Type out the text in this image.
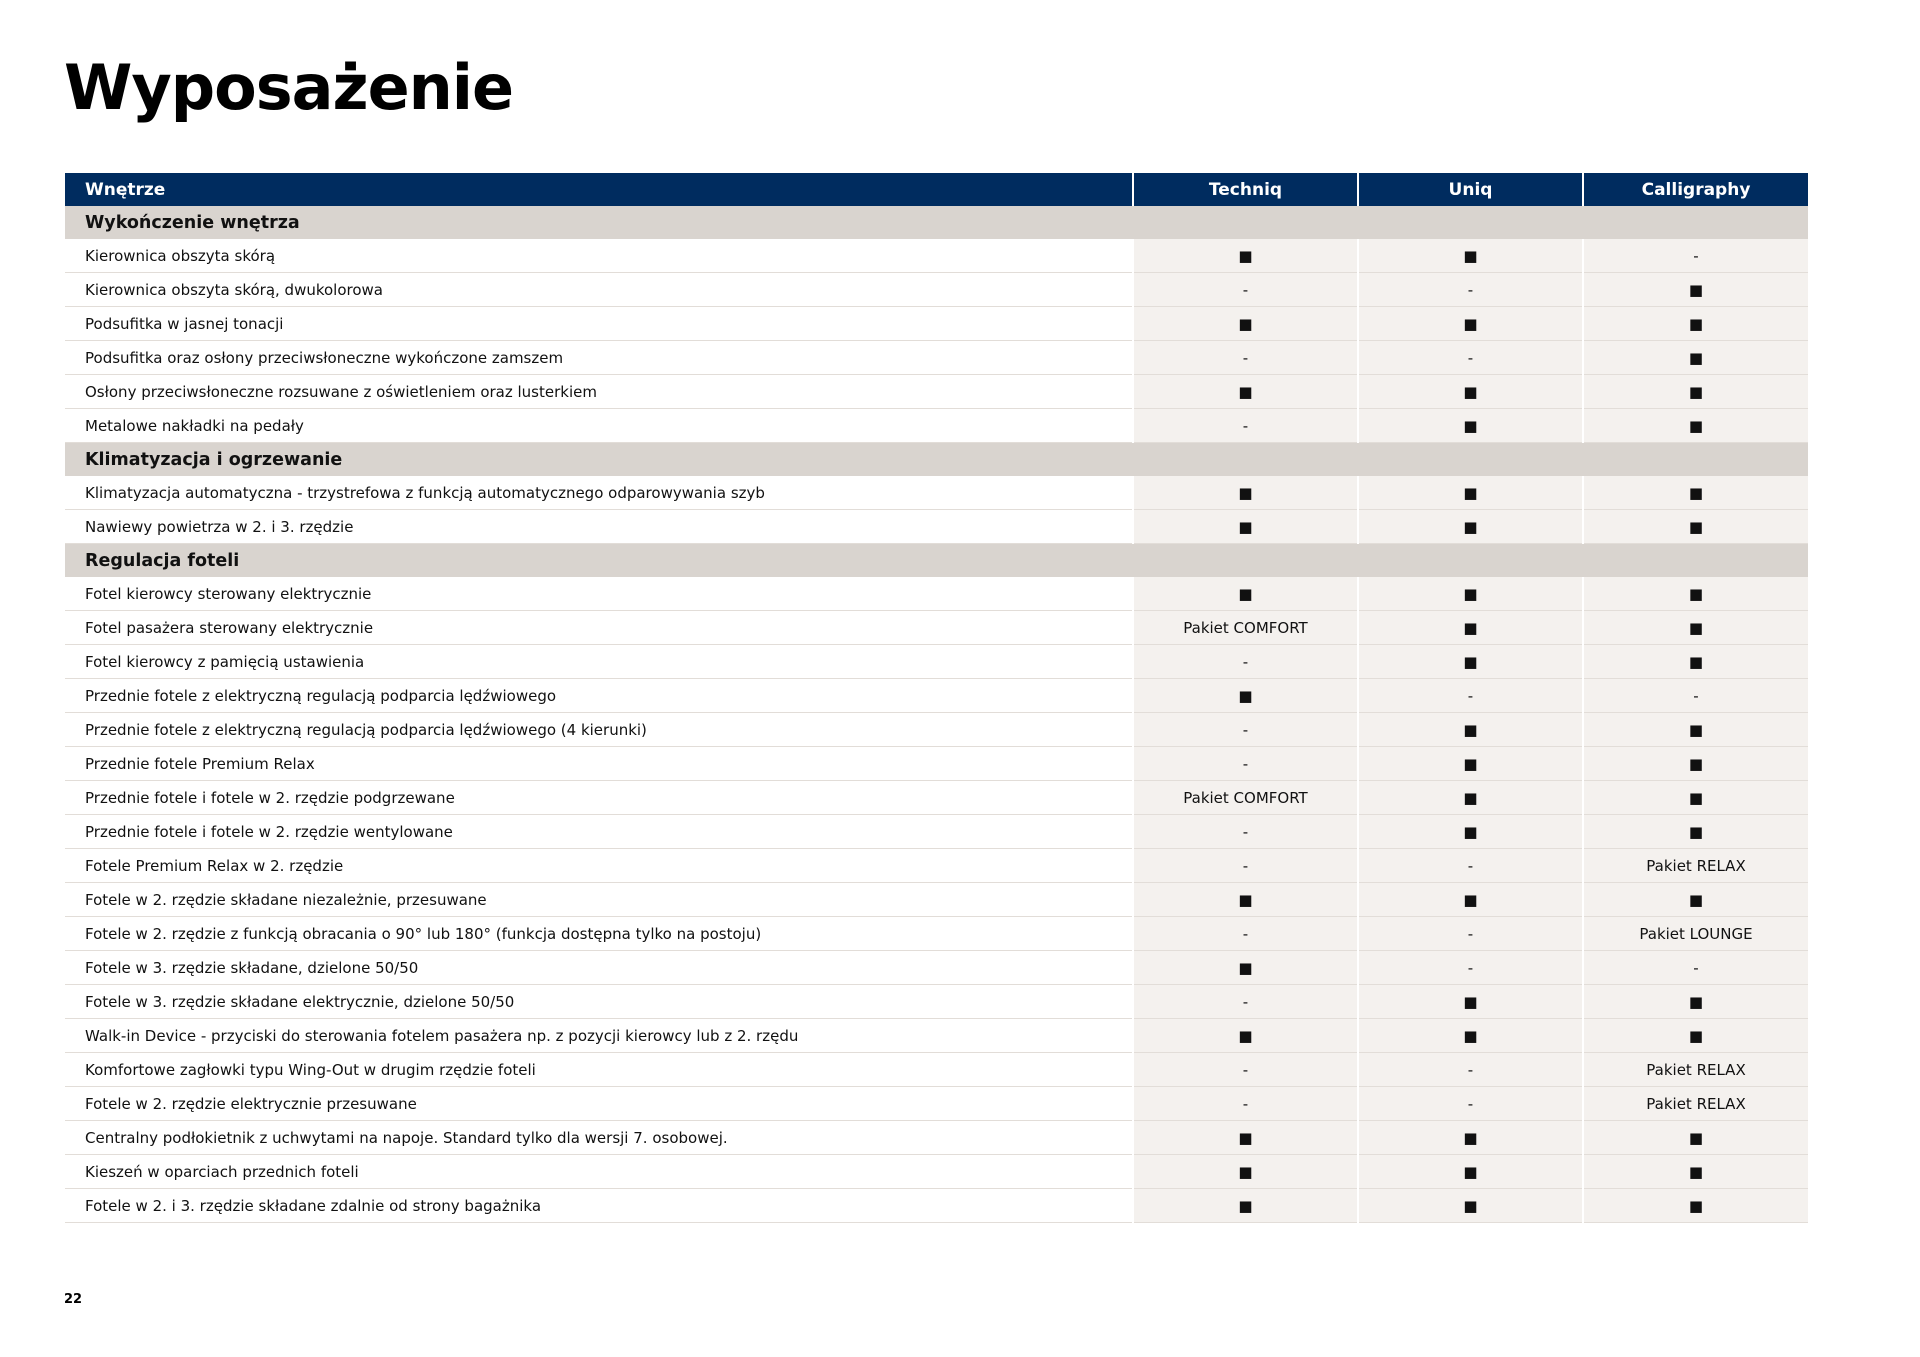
Wyposażenie
Wnętrze	Techniq	Uniq	Calligraphy
Wykończenie wnętrza			
Kierownica obszyta skórą	■	■	-
Kierownica obszyta skórą, dwukolorowa	-	-	■
Podsufitka w jasnej tonacji	■	■	■
Podsufitka oraz osłony przeciwsłoneczne wykończone zamszem	-	-	■
Osłony przeciwsłoneczne rozsuwane z oświetleniem oraz lusterkiem	■	■	■
Metalowe nakładki na pedały	-	■	■
Klimatyzacja i ogrzewanie			
Klimatyzacja automatyczna - trzystrefowa z funkcją automatycznego odparowywania szyb	■	■	■
Nawiewy powietrza w 2. i 3. rzędzie	■	■	■
Regulacja foteli			
Fotel kierowcy sterowany elektrycznie	■	■	■
Fotel pasażera sterowany elektrycznie	Pakiet COMFORT	■	■
Fotel kierowcy z pamięcią ustawienia	-	■	■
Przednie fotele z elektryczną regulacją podparcia lędźwiowego	■	-	-
Przednie fotele z elektryczną regulacją podparcia lędźwiowego (4 kierunki)	-	■	■
Przednie fotele Premium Relax	-	■	■
Przednie fotele i fotele w 2. rzędzie podgrzewane	Pakiet COMFORT	■	■
Przednie fotele i fotele w 2. rzędzie wentylowane	-	■	■
Fotele Premium Relax w 2. rzędzie	-	-	Pakiet RELAX
Fotele w 2. rzędzie składane niezależnie, przesuwane	■	■	■
Fotele w 2. rzędzie z funkcją obracania o 90° lub 180° (funkcja dostępna tylko na postoju)	-	-	Pakiet LOUNGE
Fotele w 3. rzędzie składane, dzielone 50/50	■	-	-
Fotele w 3. rzędzie składane elektrycznie, dzielone 50/50	-	■	■
Walk-in Device - przyciski do sterowania fotelem pasażera np. z pozycji kierowcy lub z 2. rzędu	■	■	■
Komfortowe zagłowki typu Wing-Out w drugim rzędzie foteli	-	-	Pakiet RELAX
Fotele w 2. rzędzie elektrycznie przesuwane	-	-	Pakiet RELAX
Centralny podłokietnik z uchwytami na napoje. Standard tylko dla wersji 7. osobowej.	■	■	■
Kieszeń w oparciach przednich foteli	■	■	■
Fotele w 2. i 3. rzędzie składane zdalnie od strony bagażnika	■	■	■
22
